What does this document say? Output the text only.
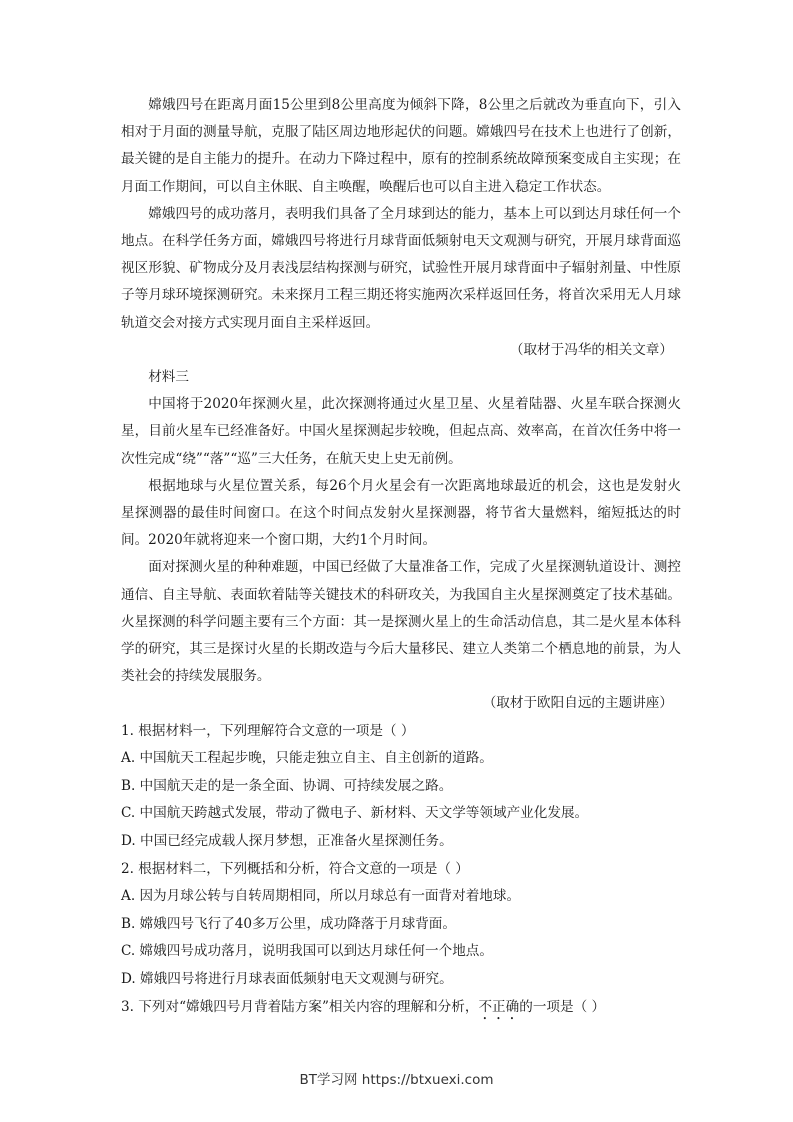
嫦娥四号在距离月面15公里到8公里高度为倾斜下降，8公里之后就改为垂直向下，引入相对于月面的测量导航，克服了陆区周边地形起伏的问题。嫦娥四号在技术上也进行了创新，最关键的是自主能力的提升。在动力下降过程中，原有的控制系统故障预案变成自主实现；在月面工作期间，可以自主休眠、自主唤醒，唤醒后也可以自主进入稳定工作状态。

嫦娥四号的成功落月，表明我们具备了全月球到达的能力，基本上可以到达月球任何一个地点。在科学任务方面，嫦娥四号将进行月球背面低频射电天文观测与研究，开展月球背面巡视区形貌、矿物成分及月表浅层结构探测与研究，试验性开展月球背面中子辐射剂量、中性原子等月球环境探测研究。未来探月工程三期还将实施两次采样返回任务，将首次采用无人月球轨道交会对接方式实现月面自主采样返回。

（取材于冯华的相关文章）

材料三

中国将于2020年探测火星，此次探测将通过火星卫星、火星着陆器、火星车联合探测火星，目前火星车已经准备好。中国火星探测起步较晚，但起点高、效率高，在首次任务中将一次性完成“绕”“落”“巡”三大任务，在航天史上史无前例。

根据地球与火星位置关系，每26个月火星会有一次距离地球最近的机会，这也是发射火星探测器的最佳时间窗口。在这个时间点发射火星探测器，将节省大量燃料，缩短抵达的时间。2020年就将迎来一个窗口期，大约1个月时间。

面对探测火星的种种难题，中国已经做了大量准备工作，完成了火星探测轨道设计、测控通信、自主导航、表面软着陆等关键技术的科研攻关，为我国自主火星探测奠定了技术基础。火星探测的科学问题主要有三个方面：其一是探测火星上的生命活动信息，其二是火星本体科学的研究，其三是探讨火星的长期改造与今后大量移民、建立人类第二个栖息地的前景，为人类社会的持续发展服务。

（取材于欧阳自远的主题讲座）

1. 根据材料一，下列理解符合文意的一项是（ ）

A. 中国航天工程起步晚，只能走独立自主、自主创新的道路。

B. 中国航天走的是一条全面、协调、可持续发展之路。

C. 中国航天跨越式发展，带动了微电子、新材料、天文学等领域产业化发展。

D. 中国已经完成载人探月梦想，正准备火星探测任务。

2. 根据材料二，下列概括和分析，符合文意的一项是（ ）

A. 因为月球公转与自转周期相同，所以月球总有一面背对着地球。

B. 嫦娥四号飞行了40多万公里，成功降落于月球背面。

C. 嫦娥四号成功落月，说明我国可以到达月球任何一个地点。

D. 嫦娥四号将进行月球表面低频射电天文观测与研究。

3. 下列对“嫦娥四号月背着陆方案”相关内容的理解和分析，不正确的一项是（ ）

BT学习网 https://btxuexi.com
